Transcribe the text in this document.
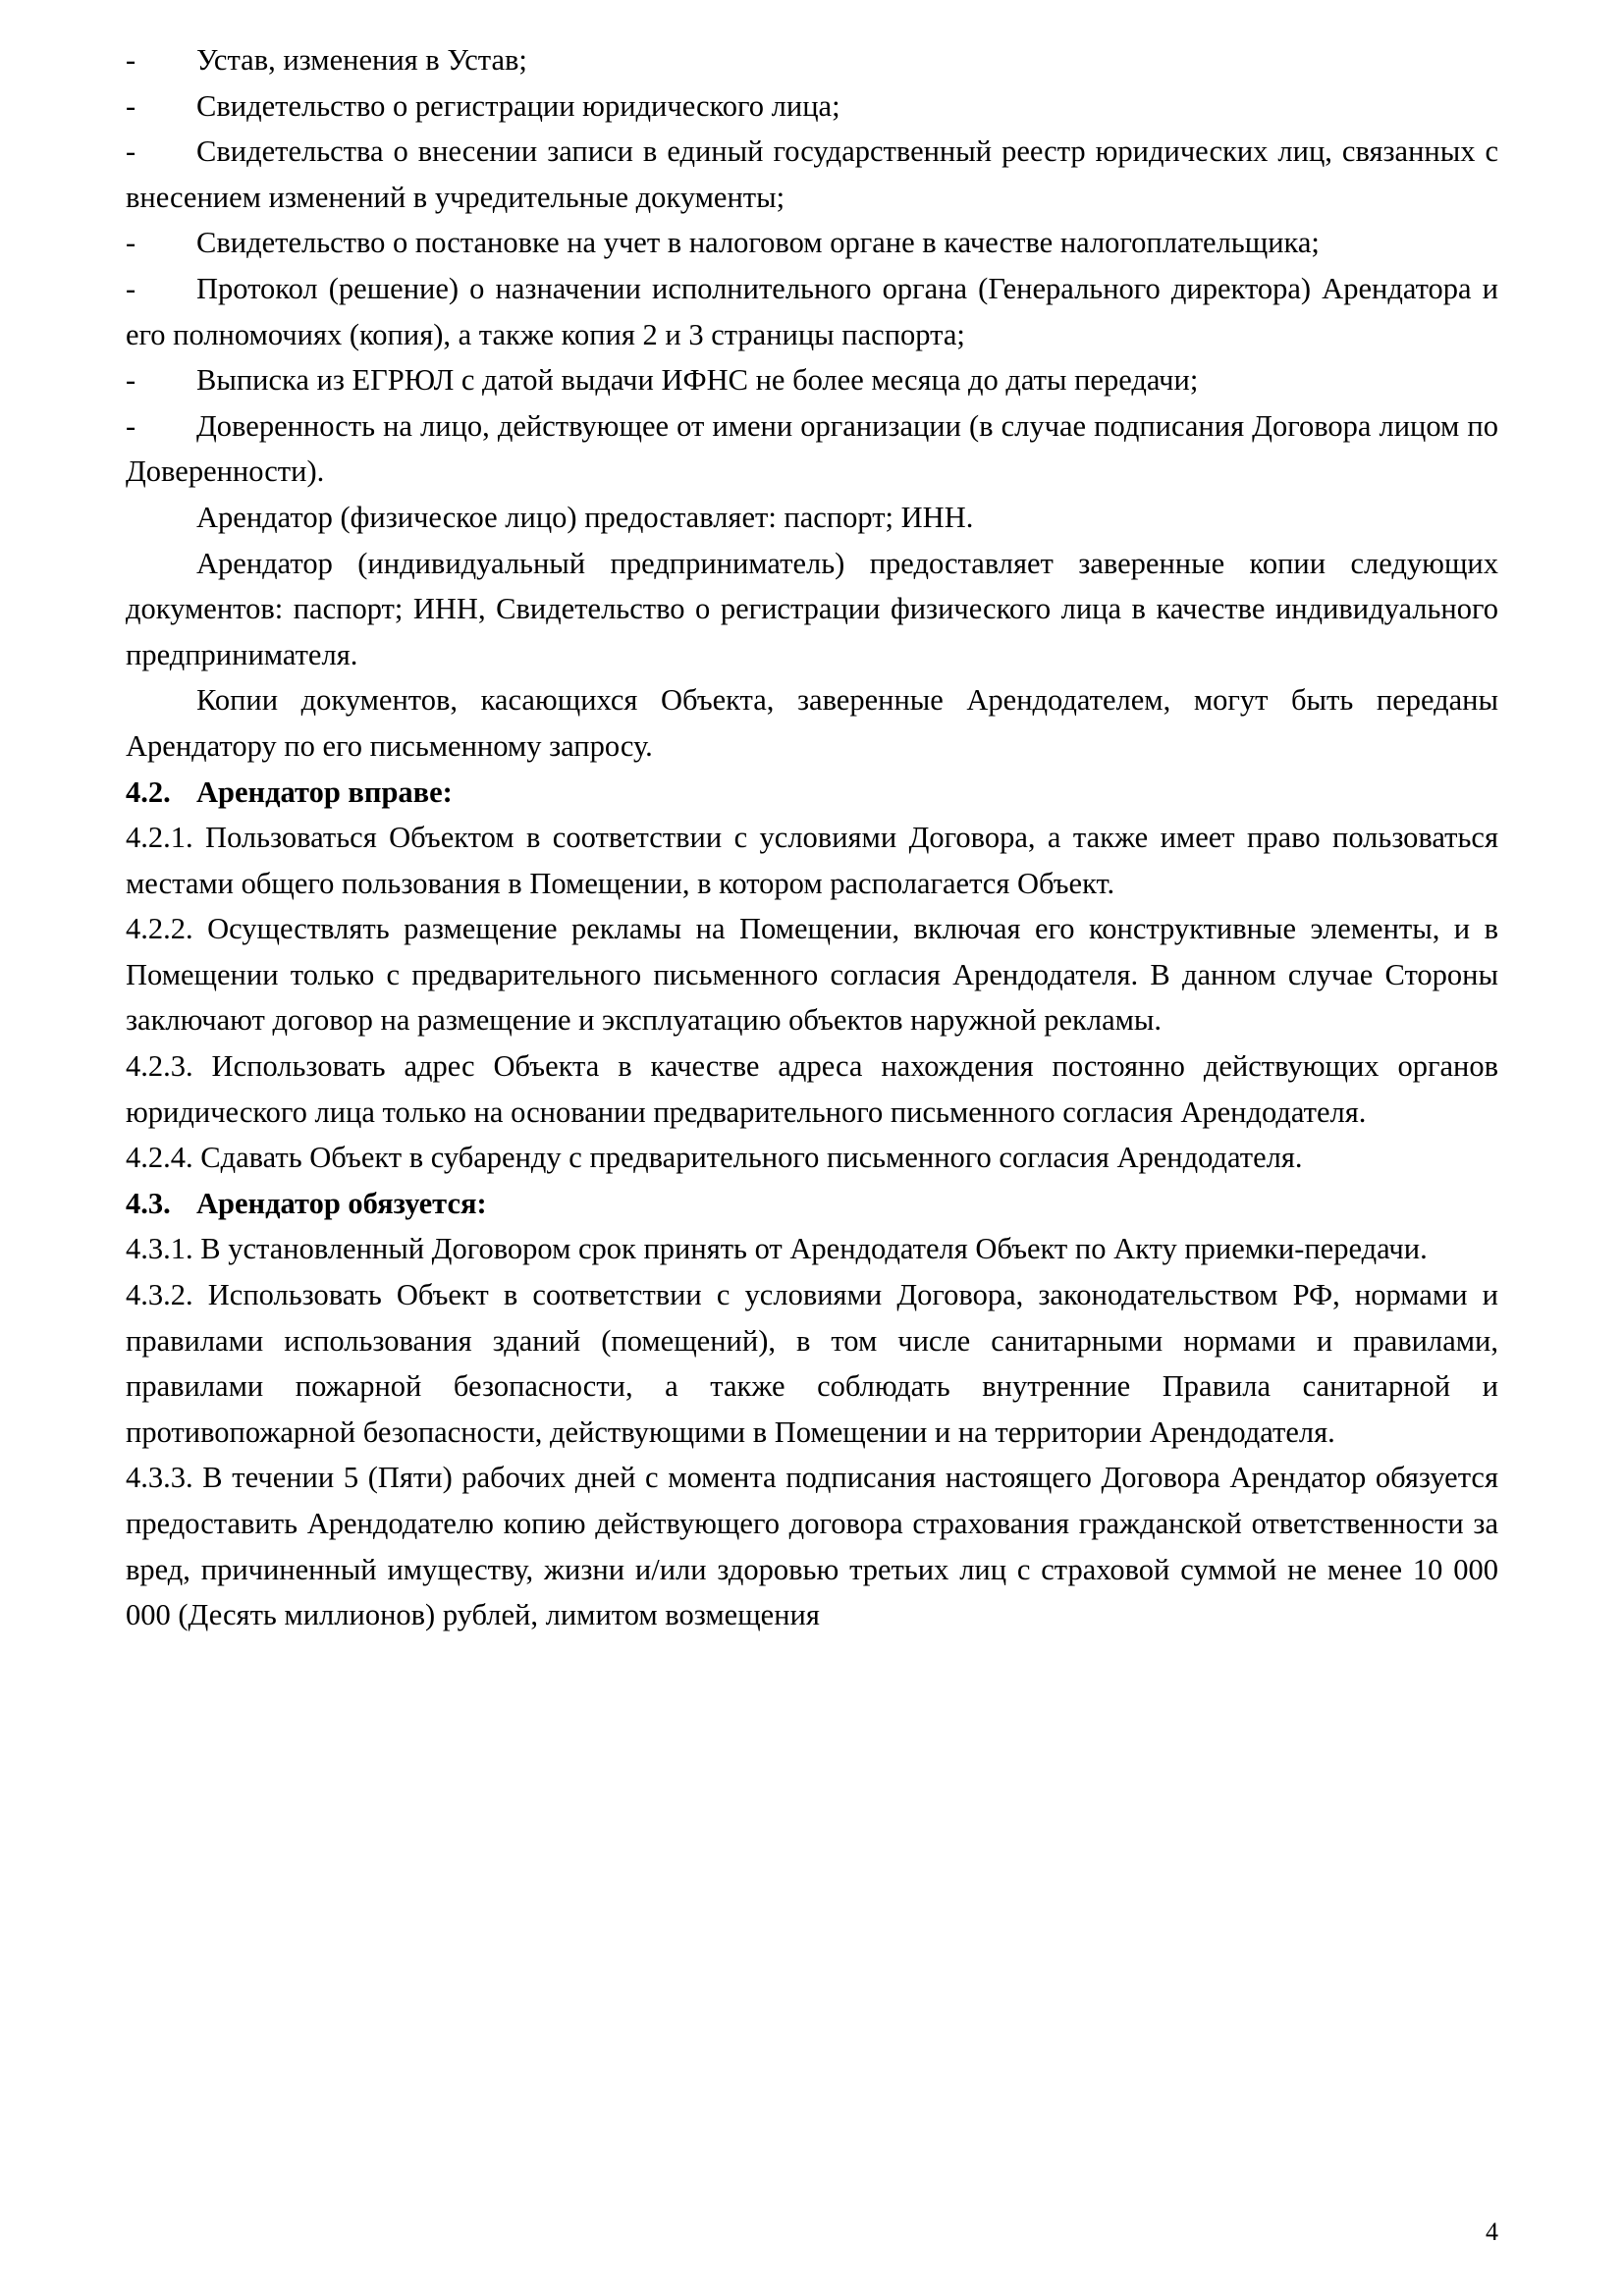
- Устав, изменения в Устав;

- Свидетельство о регистрации юридического лица;

- Свидетельства о внесении записи в единый государственный реестр юридических лиц, связанных с внесением изменений в учредительные документы;

- Свидетельство о постановке на учет в налоговом органе в качестве налогоплательщика;

- Протокол (решение) о назначении исполнительного органа (Генерального директора) Арендатора и его полномочиях (копия), а также копия 2 и 3 страницы паспорта;

- Выписка из ЕГРЮЛ с датой выдачи ИФНС не более месяца до даты передачи;

- Доверенность на лицо, действующее от имени организации (в случае подписания Договора лицом по Доверенности).

Арендатор (физическое лицо) предоставляет: паспорт; ИНН.

Арендатор (индивидуальный предприниматель) предоставляет заверенные копии следующих документов: паспорт; ИНН, Свидетельство о регистрации физического лица в качестве индивидуального предпринимателя.

Копии документов, касающихся Объекта, заверенные Арендодателем, могут быть переданы Арендатору по его письменному запросу.

4.2. Арендатор вправе:

4.2.1. Пользоваться Объектом в соответствии с условиями Договора, а также имеет право пользоваться местами общего пользования в Помещении, в котором располагается Объект.

4.2.2. Осуществлять размещение рекламы на Помещении, включая его конструктивные элементы, и в Помещении только с предварительного письменного согласия Арендодателя. В данном случае Стороны заключают договор на размещение и эксплуатацию объектов наружной рекламы.

4.2.3. Использовать адрес Объекта в качестве адреса нахождения постоянно действующих органов юридического лица только на основании предварительного письменного согласия Арендодателя.

4.2.4. Сдавать Объект в субаренду с предварительного письменного согласия Арендодателя.

4.3. Арендатор обязуется:

4.3.1. В установленный Договором срок принять от Арендодателя Объект по Акту приемки-передачи.

4.3.2. Использовать Объект в соответствии с условиями Договора, законодательством РФ, нормами и правилами использования зданий (помещений), в том числе санитарными нормами и правилами, правилами пожарной безопасности, а также соблюдать внутренние Правила санитарной и противопожарной безопасности, действующими в Помещении и на территории Арендодателя.

4.3.3. В течении 5 (Пяти) рабочих дней с момента подписания настоящего Договора Арендатор обязуется предоставить Арендодателю копию действующего договора страхования гражданской ответственности за вред, причиненный имуществу, жизни и/или здоровью третьих лиц с страховой суммой не менее 10 000 000 (Десять миллионов) рублей, лимитом возмещения

4
